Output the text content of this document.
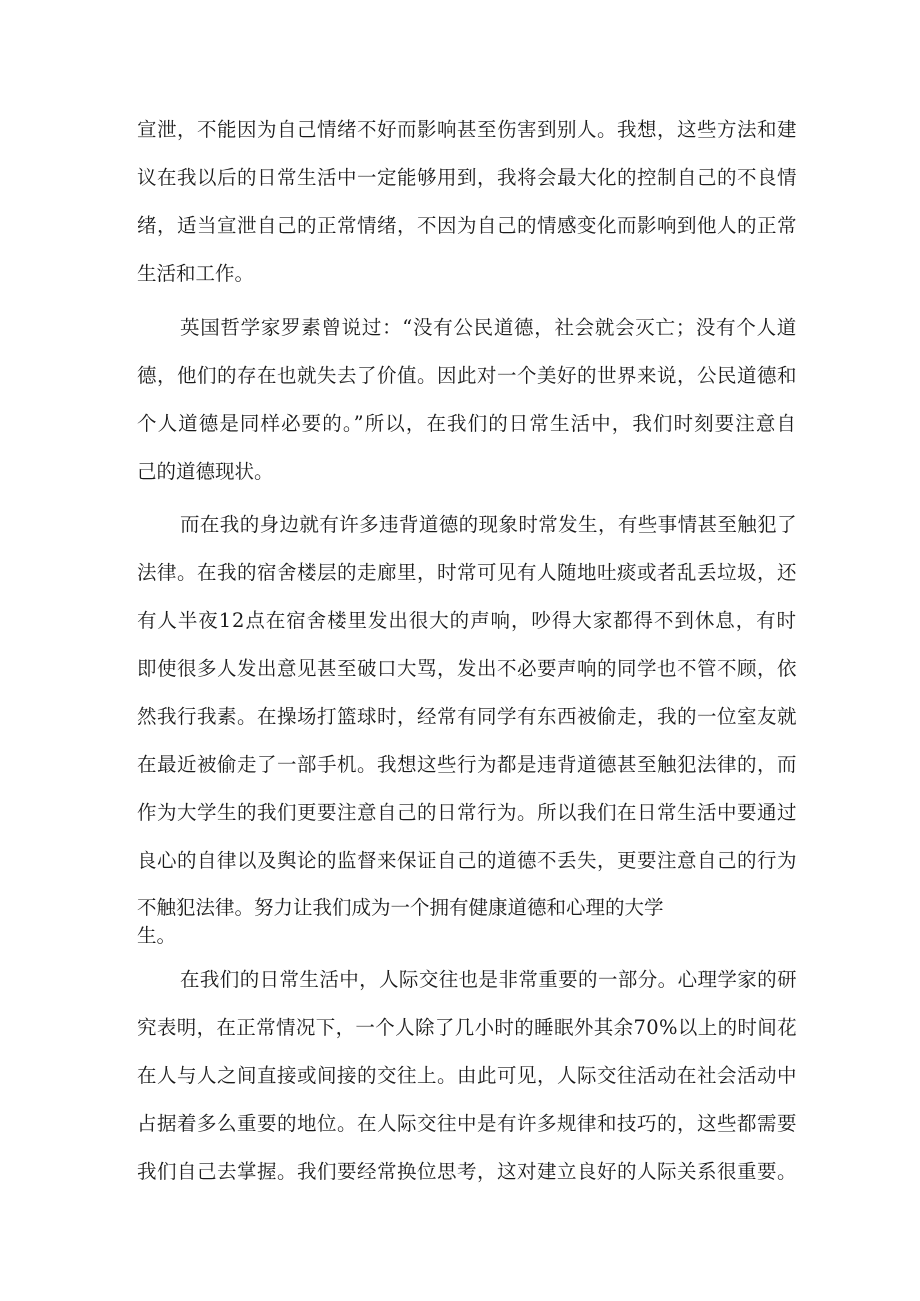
宣泄，不能因为自己情绪不好而影响甚至伤害到别人。我想，这些方法和建
议在我以后的日常生活中一定能够用到，我将会最大化的控制自己的不良情
绪，适当宣泄自己的正常情绪，不因为自己的情感变化而影响到他人的正常
生活和工作。
英国哲学家罗素曾说过：“没有公民道德，社会就会灭亡；没有个人道
德，他们的存在也就失去了价值。因此对一个美好的世界来说，公民道德和
个人道德是同样必要的。”所以，在我们的日常生活中，我们时刻要注意自
己的道德现状。
而在我的身边就有许多违背道德的现象时常发生，有些事情甚至触犯了
法律。在我的宿舍楼层的走廊里，时常可见有人随地吐痰或者乱丢垃圾，还
有人半夜12点在宿舍楼里发出很大的声响，吵得大家都得不到休息，有时
即使很多人发出意见甚至破口大骂，发出不必要声响的同学也不管不顾，依
然我行我素。在操场打篮球时，经常有同学有东西被偷走，我的一位室友就
在最近被偷走了一部手机。我想这些行为都是违背道德甚至触犯法律的，而
作为大学生的我们更要注意自己的日常行为。所以我们在日常生活中要通过
良心的自律以及舆论的监督来保证自己的道德不丢失，更要注意自己的行为
不触犯法律。努力让我们成为一个拥有健康道德和心理的大学
生。
在我们的日常生活中，人际交往也是非常重要的一部分。心理学家的研
究表明，在正常情况下，一个人除了几小时的睡眠外其余70%以上的时间花
在人与人之间直接或间接的交往上。由此可见，人际交往活动在社会活动中
占据着多么重要的地位。在人际交往中是有许多规律和技巧的，这些都需要
我们自己去掌握。我们要经常换位思考，这对建立良好的人际关系很重要。
